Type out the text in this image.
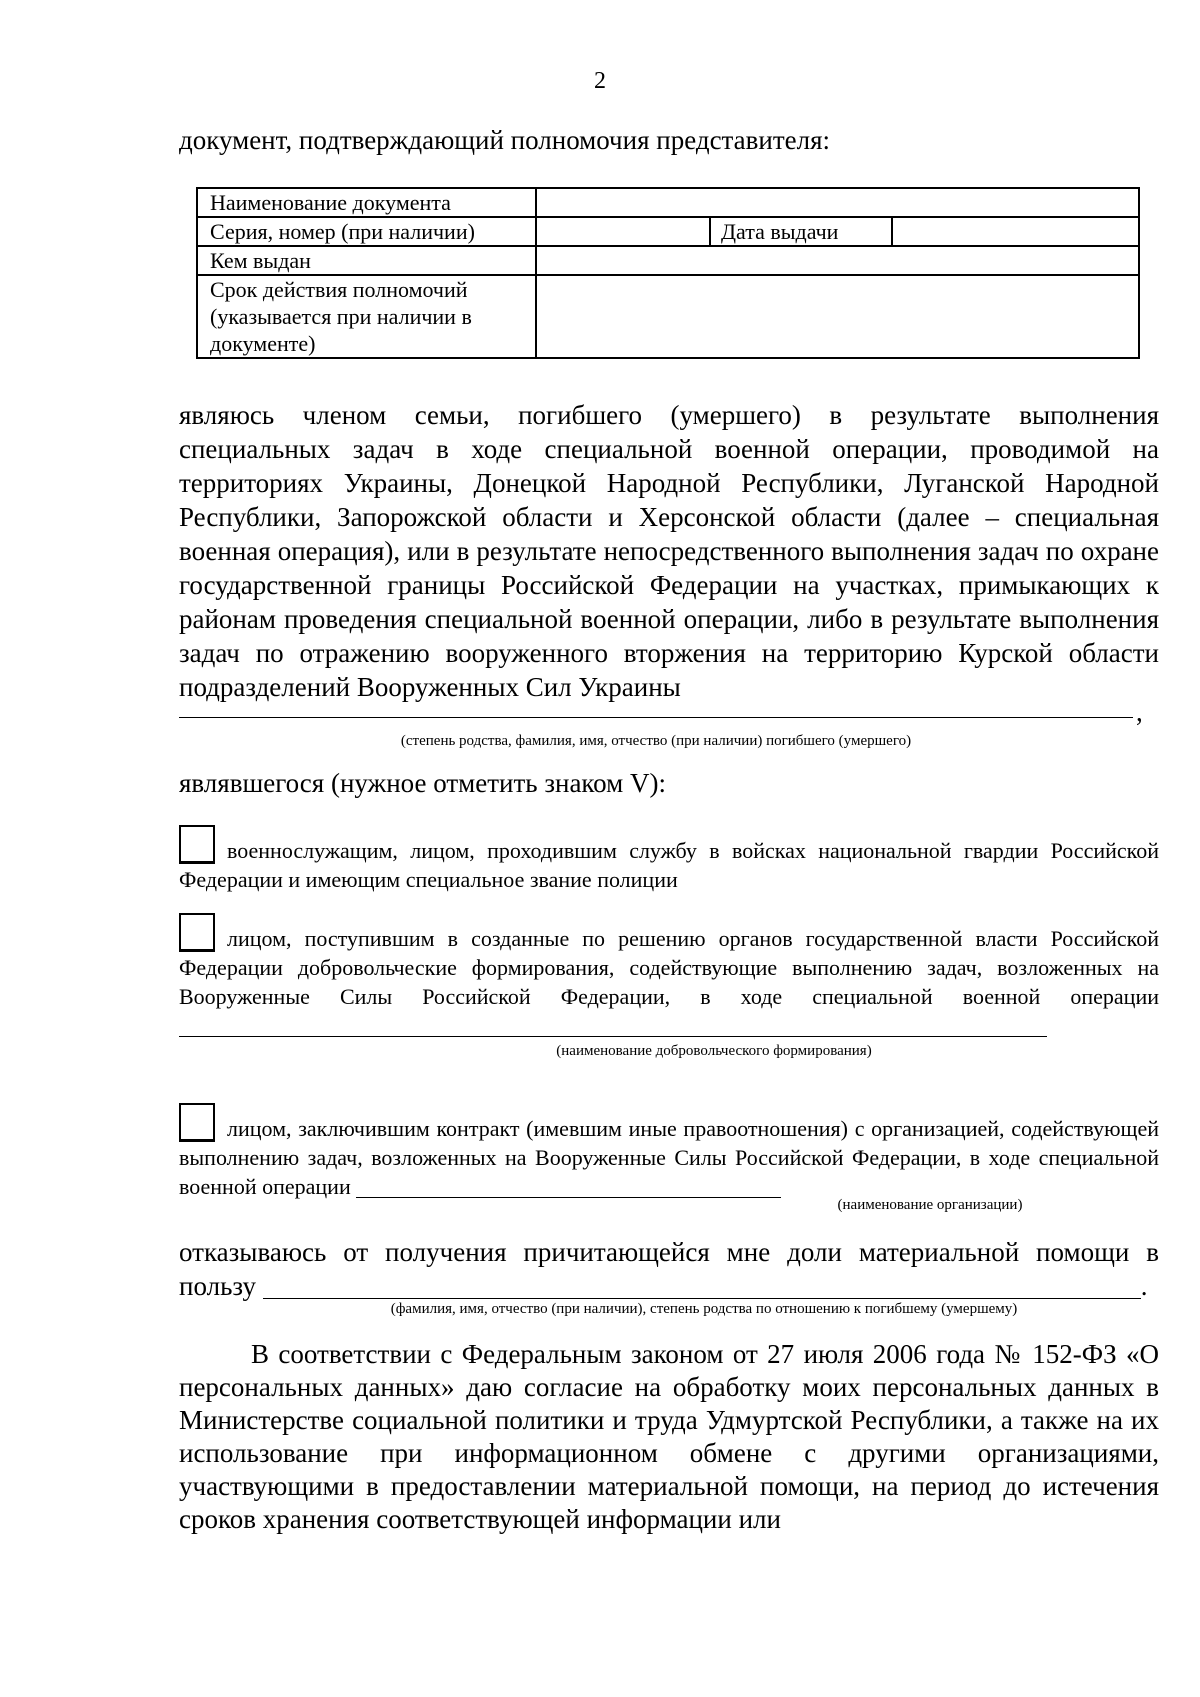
2
документ, подтверждающий полномочия представителя:
Наименование документа	
Серия, номер (при наличии)	Дата выдачи

Кем выдан	
Срок действия полномочий (указывается при наличии в документе)	

являюсь членом семьи, погибшего (умершего) в результате выполнения специальных задач в ходе специальной военной операции, проводимой на территориях Украины, Донецкой Народной Республики, Луганской Народной Республики, Запорожской области и Херсонской области (далее – специальная военная операция), или в результате непосредственного выполнения задач по охране государственной границы Российской Федерации на участках, примыкающих к районам проведения специальной военной операции, либо в результате выполнения задач по отражению вооруженного вторжения на территорию Курской области подразделений Вооруженных Сил Украины

,
(степень родства, фамилия, имя, отчество (при наличии) погибшего (умершего)
являвшегося (нужное отметить знаком V):

военнослужащим, лицом, проходившим службу в войсках национальной гвардии Российской Федерации и имеющим специальное звание полиции

лицом, поступившим в созданные по решению органов государственной власти Российской Федерации добровольческие формирования, содействующие выполнению задач, возложенных на Вооруженные Силы Российской Федерации, в ходе специальной военной операции

(наименование добровольческого формирования)

лицом, заключившим контракт (имевшим иные правоотношения) с организацией, содействующей выполнению задач, возложенных на Вооруженные Силы Российской Федерации, в ходе специальной военной операции

(наименование организации)

отказываюсь от получения причитающейся мне доли материальной помощи в пользу	.

(фамилия, имя, отчество (при наличии), степень родства по отношению к погибшему (умершему)

В соответствии с Федеральным законом от 27 июля 2006 года № 152-ФЗ «О персональных данных» даю согласие на обработку моих персональных данных в Министерстве социальной политики и труда Удмуртской Республики, а также на их использование при информационном обмене с другими организациями, участвующими в предоставлении материальной помощи, на период до истечения сроков хранения соответствующей информации или
